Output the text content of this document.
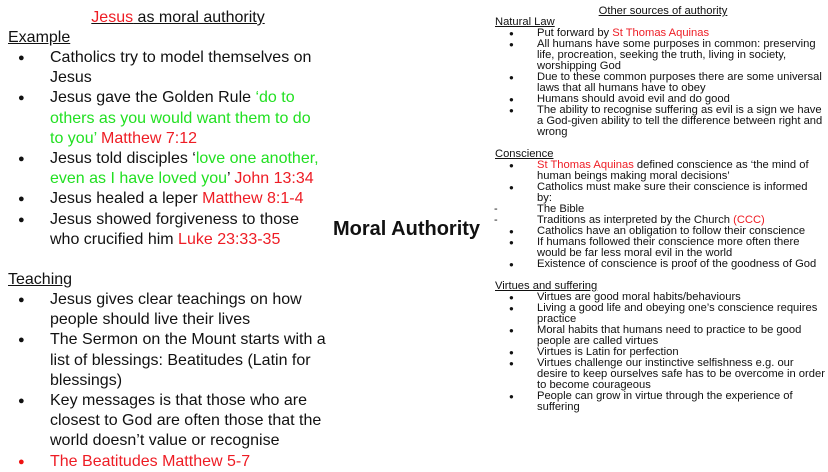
Jesus as moral authority
Example
● Catholics try to model themselves on Jesus
● Jesus gave the Golden Rule ‘do to others as you would want them to do to you’ Matthew 7:12
● Jesus told disciples ‘love one another, even as I have loved you’ John 13:34
● Jesus healed a leper Matthew 8:1-4
● Jesus showed forgiveness to those who crucified him Luke 23:33-35
Teaching
● Jesus gives clear teachings on how people should live their lives
● The Sermon on the Mount starts with a list of blessings: Beatitudes (Latin for blessings)
● Key messages is that those who are closest to God are often those that the world doesn’t value or recognise
● The Beatitudes Matthew 5-7
Moral Authority
Other sources of authority
Natural Law
● Put forward by St Thomas Aquinas
● All humans have some purposes in common: preserving life, procreation, seeking the truth, living in society, worshipping God
● Due to these common purposes there are some universal laws that all humans have to obey
● Humans should avoid evil and do good
● The ability to recognise suffering as evil is a sign we have a God-given ability to tell the difference between right and wrong
Conscience
● St Thomas Aquinas defined conscience as ‘the mind of human beings making moral decisions’
● Catholics must make sure their conscience is informed by:
- The Bible
- Traditions as interpreted by the Church (CCC)
● Catholics have an obligation to follow their conscience
● If humans followed their conscience more often there would be far less moral evil in the world
● Existence of conscience is proof of the goodness of God
Virtues and suffering
● Virtues are good moral habits/behaviours
● Living a good life and obeying one’s conscience requires practice
● Moral habits that humans need to practice to be good people are called virtues
● Virtues is Latin for perfection
● Virtues challenge our instinctive selfishness e.g. our desire to keep ourselves safe has to be overcome in order to become courageous
● People can grow in virtue through the experience of suffering
